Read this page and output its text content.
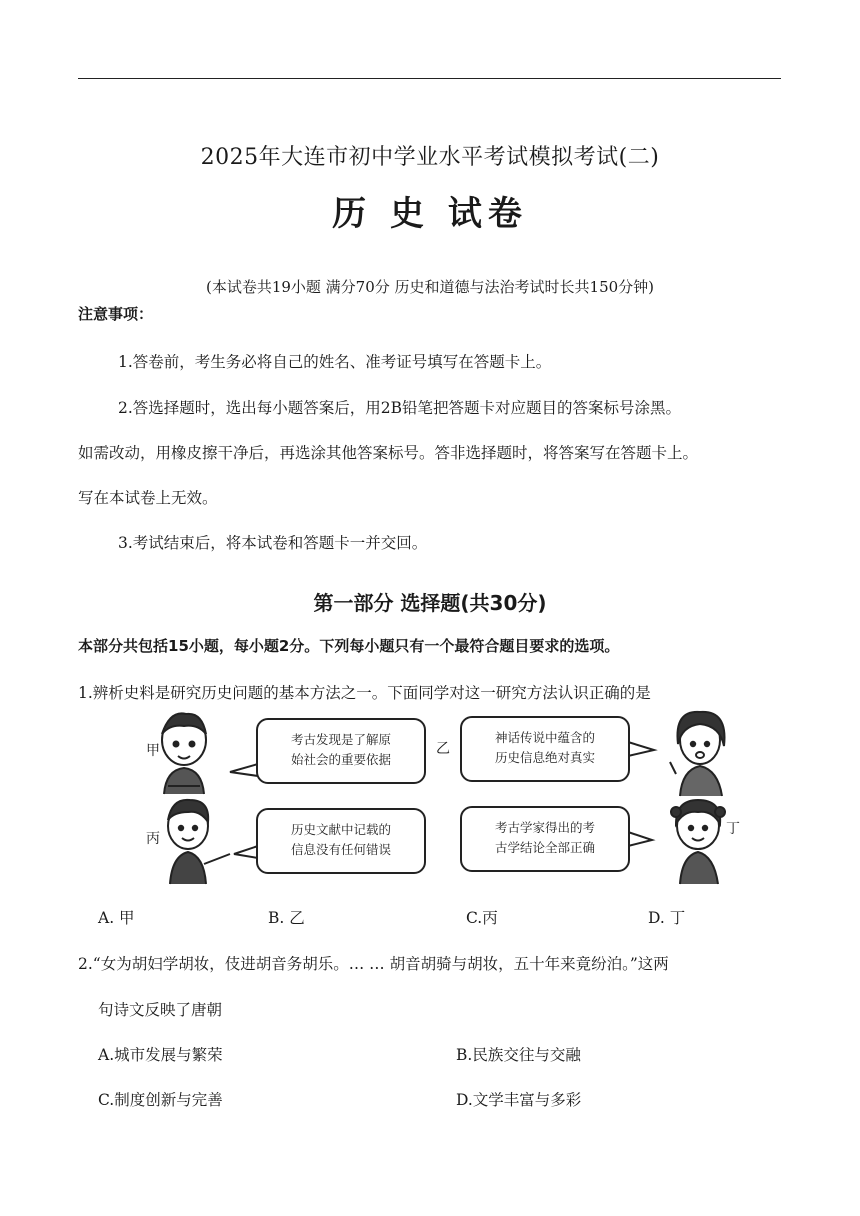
2025年大连市初中学业水平考试模拟考试(二)
历 史 试卷
(本试卷共19小题 满分70分 历史和道德与法治考试时长共150分钟)
注意事项：
1.答卷前，考生务必将自己的姓名、准考证号填写在答题卡上。
2.答选择题时，选出每小题答案后，用2B铅笔把答题卡对应题目的答案标号涂黑。
如需改动，用橡皮擦干净后，再选涂其他答案标号。答非选择题时，将答案写在答题卡上。
写在本试卷上无效。
3.考试结束后，将本试卷和答题卡一并交回。
第一部分 选择题(共30分)
本部分共包括15小题，每小题2分。下列每小题只有一个最符合题目要求的选项。
1.辨析史料是研究历史问题的基本方法之一。下面同学对这一研究方法认识正确的是
考古发现是了解原
始社会的重要依据
神话传说中蕴含的
历史信息绝对真实
历史文献中记载的
信息没有任何错误
考古学家得出的考
古学结论全部正确
甲	乙
丙
丁
A. 甲	B. 乙	C.丙	D. 丁
2.“女为胡妇学胡妆，伎进胡音务胡乐。… … 胡音胡骑与胡妆，五十年来竟纷泊。”这两
句诗文反映了唐朝
A.城市发展与繁荣	B.民族交往与交融
C.制度创新与完善	D.文学丰富与多彩
